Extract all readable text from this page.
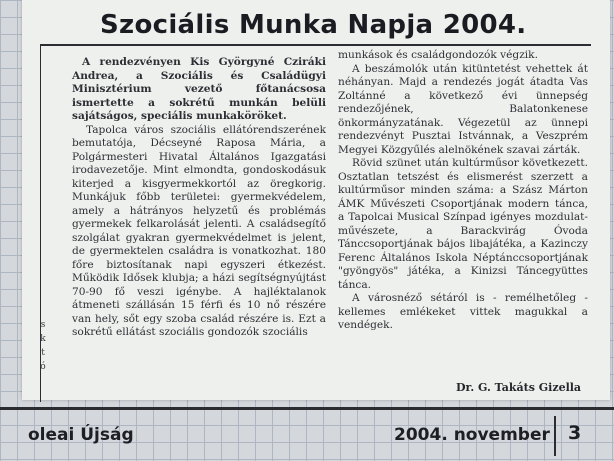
Szociális Munka Napja 2004.
s
k
t
ó

A rendezvényen Kis Györgyné Cziráki Andrea, a Szociális és Családügyi Minisztérium vezető főtanácsosa ismertette a sokrétű munkán belüli sajátságos, speciális munkaköröket.

Tapolca város szociális ellátórendszerének bemutatója, Décseyné Raposa Mária, a Polgármesteri Hivatal Általános Igazgatási irodavezetője. Mint elmondta, gondoskodásuk kiterjed a kisgyermekkortól az öregkorig. Munkájuk főbb területei: gyermekvédelem, amely a hátrányos helyzetű és problémás gyermekek felkarolását jelenti. A családsegítő szolgálat gyakran gyermekvédelmet is jelent, de gyermektelen családra is vonatkozhat. 180 főre biztosítanak napi egyszeri étkezést. Működik Idősek klubja; a házi segítségnyújtást 70-90 fő veszi igénybe. A hajléktalanok átmeneti szállásán 15 férfi és 10 nő részére van hely, sőt egy szoba család részére is. Ezt a sokrétű ellátást szociális gondozók szociális

munkások és családgondozók végzik.

A beszámolók után kitüntetést vehettek át néhányan. Majd a rendezés jogát átadta Vas Zoltánné a következő évi ünnepség rendezőjének, Balatonkenese önkormányzatának. Végezetül az ünnepi rendezvényt Pusztai Istvánnak, a Veszprém Megyei Közgyűlés alelnökének szavai zárták.

Rövid szünet után kultúrműsor következett. Osztatlan tetszést és elismerést szerzett a kultúrműsor minden száma: a Szász Márton ÁMK Művészeti Csoportjának modern tánca, a Tapolcai Musical Színpad igényes mozdulat-művészete, a Barackvirág Óvoda Tánccsoportjának bájos libajátéka, a Kazinczy Ferenc Általános Iskola Néptánccsoportjának "gyöngyös" játéka, a Kinizsi Táncegyüttes tánca.

A városnéző sétáról is - remélhetőleg - kellemes emlékeket vittek magukkal a vendégek.

Dr. G. Takáts Gizella
oleai Újság	2004. november 3
